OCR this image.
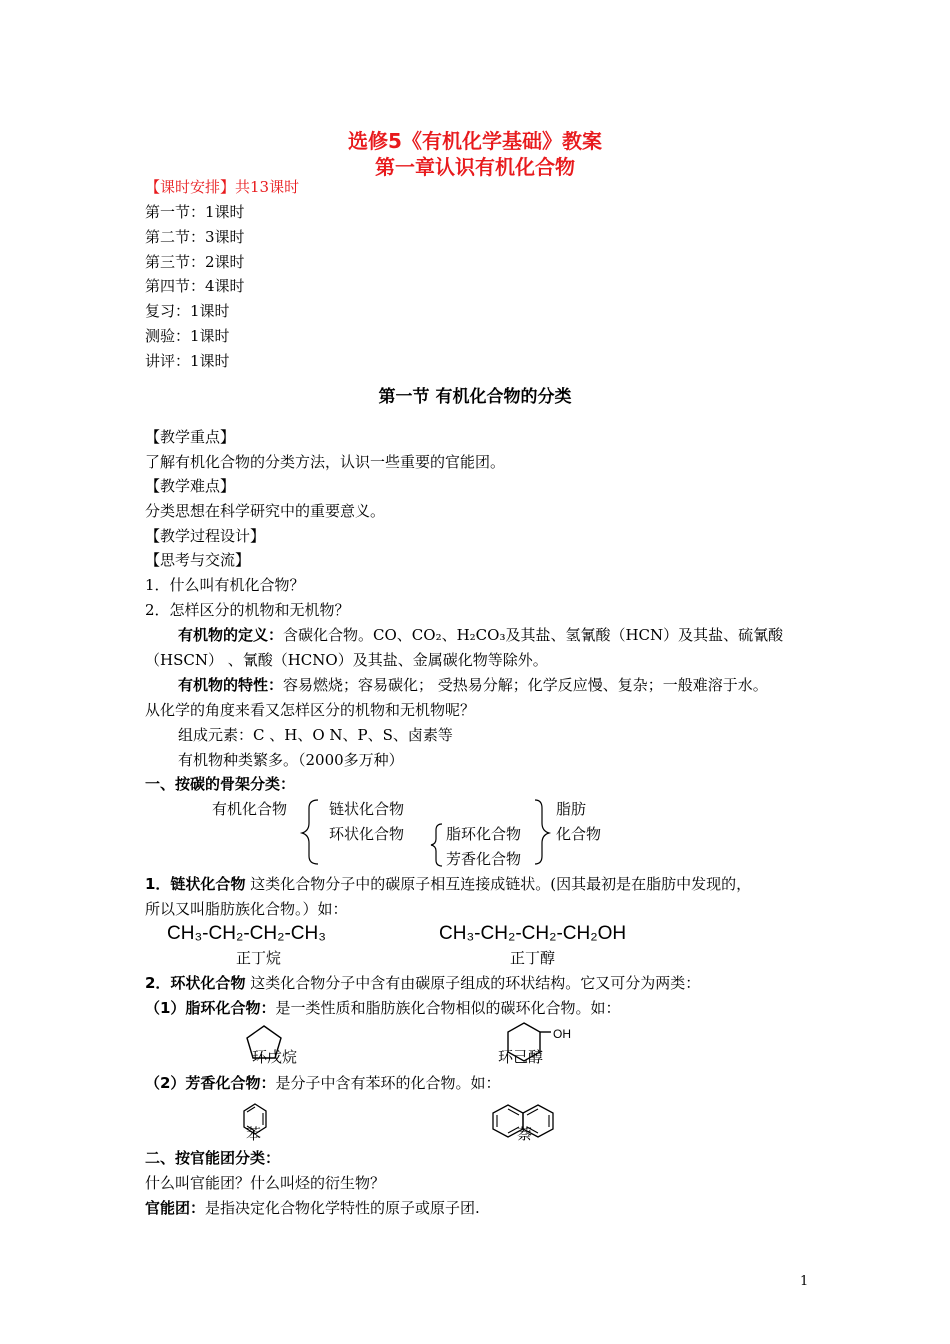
选修5《有机化学基础》教案
第一章认识有机化合物
【课时安排】共13课时
第一节：1课时
第二节：3课时
第三节：2课时
第四节：4课时
复习：1课时
测验：1课时
讲评：1课时
第一节 有机化合物的分类
【教学重点】
了解有机化合物的分类方法，认识一些重要的官能团。
【教学难点】
分类思想在科学研究中的重要意义。
【教学过程设计】
【思考与交流】
1．什么叫有机化合物？
2．怎样区分的机物和无机物？
有机物的定义：含碳化合物。CO、CO₂、H₂CO₃及其盐、氢氰酸（HCN）及其盐、硫氰酸
（HSCN） 、氰酸（HCNO）及其盐、金属碳化物等除外。
有机物的特性：容易燃烧；容易碳化； 受热易分解；化学反应慢、复杂；一般难溶于水。
从化学的角度来看又怎样区分的机物和无机物呢？
组成元素：C 、H、O N、P、S、卤素等
有机物种类繁多。（2000多万种）
一、按碳的骨架分类：
有机化合物	链状化合物
环状化合物	脂环化合物
芳香化合物
脂肪
化合物
1．链状化合物 这类化合物分子中的碳原子相互连接成链状。(因其最初是在脂肪中发现的，
所以又叫脂肪族化合物。）如：
CH₃-CH₂-CH₂-CH₃	CH₃-CH₂-CH₂-CH₂OH
正丁烷	正丁醇
2．环状化合物 这类化合物分子中含有由碳原子组成的环状结构。它又可分为两类：
（1）脂环化合物：是一类性质和脂肪族化合物相似的碳环化合物。如：
环戊烷
OH
环己醇
（2）芳香化合物：是分子中含有苯环的化合物。如：
苯	萘
二、按官能团分类：
什么叫官能团？什么叫烃的衍生物？
官能团：是指决定化合物化学特性的原子或原子团.
1
